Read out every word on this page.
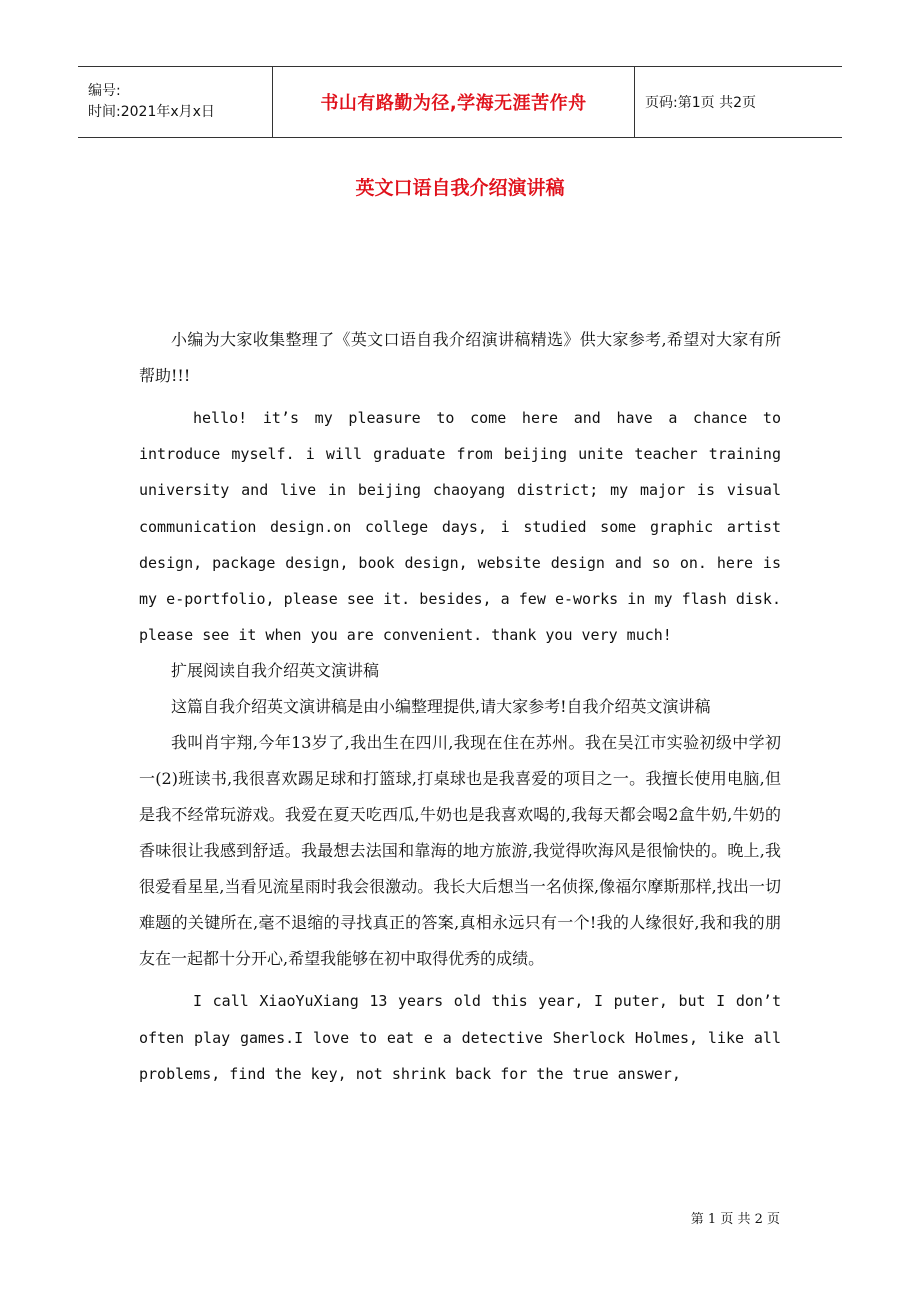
编号:
时间:2021年x月x日	书山有路勤为径,学海无涯苦作舟	页码:第1页 共2页
英文口语自我介绍演讲稿

小编为大家收集整理了《英文口语自我介绍演讲稿精选》供大家参考,希望对大家有所帮助!!!

hello! it’s my pleasure to come here and have a chance to introduce myself. i will graduate from beijing unite teacher training university and live in beijing chaoyang district; my major is visual communication design.on college days, i studied some graphic artist design, package design, book design, website design and so on. here is my e-portfolio, please see it. besides, a few e-works in my flash disk. please see it when you are convenient. thank you very much!

扩展阅读自我介绍英文演讲稿

这篇自我介绍英文演讲稿是由小编整理提供,请大家参考!自我介绍英文演讲稿

我叫肖宇翔,今年13岁了,我出生在四川,我现在住在苏州。我在吴江市实验初级中学初一(2)班读书,我很喜欢踢足球和打篮球,打桌球也是我喜爱的项目之一。我擅长使用电脑,但是我不经常玩游戏。我爱在夏天吃西瓜,牛奶也是我喜欢喝的,我每天都会喝2盒牛奶,牛奶的香味很让我感到舒适。我最想去法国和靠海的地方旅游,我觉得吹海风是很愉快的。晚上,我很爱看星星,当看见流星雨时我会很激动。我长大后想当一名侦探,像福尔摩斯那样,找出一切难题的关键所在,毫不退缩的寻找真正的答案,真相永远只有一个!我的人缘很好,我和我的朋友在一起都十分开心,希望我能够在初中取得优秀的成绩。

I call XiaoYuXiang 13 years old this year, I puter, but I don’t often play games.I love to eat e a detective Sherlock Holmes, like all problems, find the key, not shrink back for the true answer,

第 1 页 共 2 页
